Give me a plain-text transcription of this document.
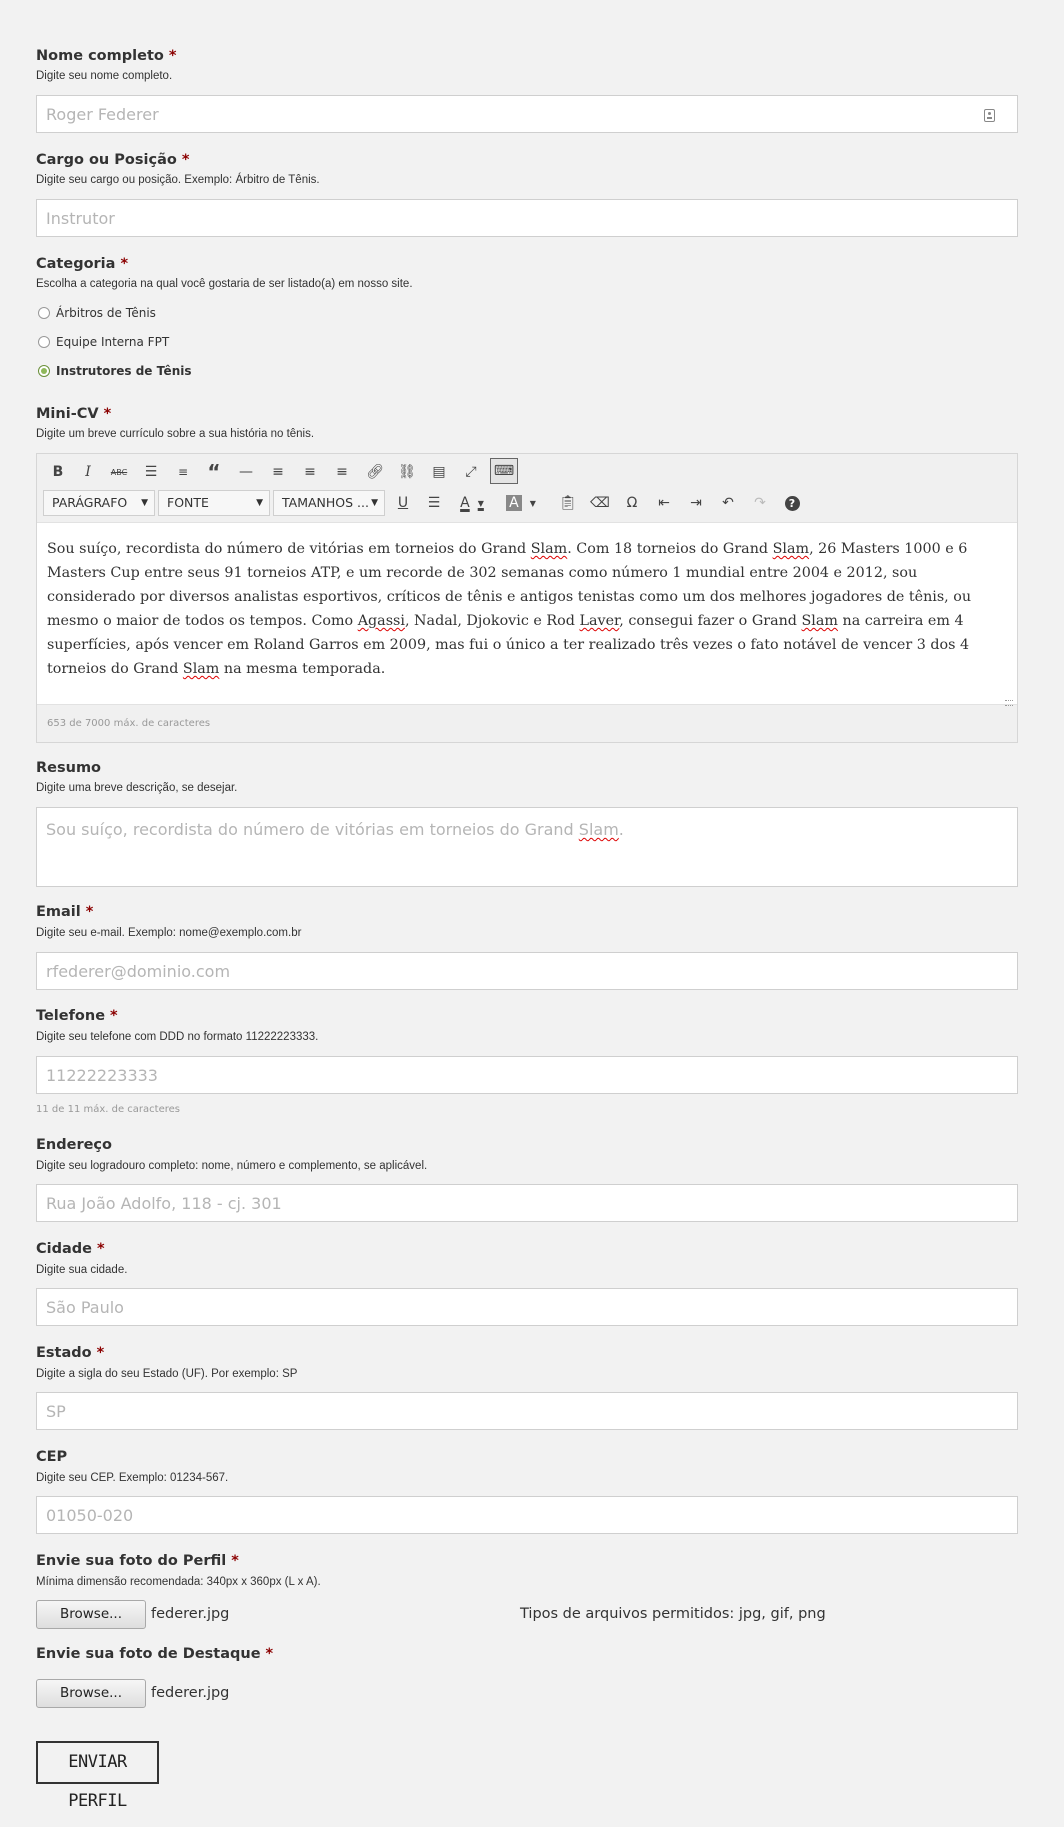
Nome completo *
Digite seu nome completo.
Roger Federer
Cargo ou Posição *
Digite seu cargo ou posição. Exemplo: Árbitro de Tênis.
Instrutor
Categoria *
Escolha a categoria na qual você gostaria de ser listado(a) em nosso site.
Árbitros de Tênis
Equipe Interna FPT
Instrutores de Tênis
Mini-CV *
Digite um breve currículo sobre a sua história no tênis.
B	I	ABC	☰	≡ “	—	≡	≡	≡	🔗︎ ⛓︎	▤	⤢	⌨
PARÁGRAFO ▼	FONTE	▼	TAMANHOS ... ▼	U	☰	A ▼ A	▼ 📋︎ ⌫	Ω	⇤	⇥	↶	↷	?
Sou suíço, recordista do número de vitórias em torneios do Grand Slam. Com 18 torneios do Grand Slam, 26 Masters 1000 e 6 Masters Cup entre seus 91 torneios ATP, e um recorde de 302 semanas como número 1 mundial entre 2004 e 2012, sou considerado por diversos analistas esportivos, críticos de tênis e antigos tenistas como um dos melhores jogadores de tênis, ou mesmo o maior de todos os tempos. Como Agassi, Nadal, Djokovic e Rod Laver, consegui fazer o Grand Slam na carreira em 4 superfícies, após vencer em Roland Garros em 2009, mas fui o único a ter realizado três vezes o fato notável de vencer 3 dos 4 torneios do Grand Slam na mesma temporada.
653 de 7000 máx. de caracteres
Resumo
Digite uma breve descrição, se desejar.
Sou suíço, recordista do número de vitórias em torneios do Grand Slam.
Email *
Digite seu e-mail. Exemplo: nome@exemplo.com.br
rfederer@dominio.com
Telefone *
Digite seu telefone com DDD no formato 11222223333.
11222223333
11 de 11 máx. de caracteres
Endereço
Digite seu logradouro completo: nome, número e complemento, se aplicável.
Rua João Adolfo, 118 - cj. 301
Cidade *
Digite sua cidade.
São Paulo
Estado *
Digite a sigla do seu Estado (UF). Por exemplo: SP
SP
CEP
Digite seu CEP. Exemplo: 01234-567.
01050-020
Envie sua foto do Perfil *
Mínima dimensão recomendada: 340px x 360px (L x A).
Browse...	federer.jpg	Tipos de arquivos permitidos: jpg, gif, png
Envie sua foto de Destaque *
Browse...	federer.jpg
ENVIAR PERFIL
